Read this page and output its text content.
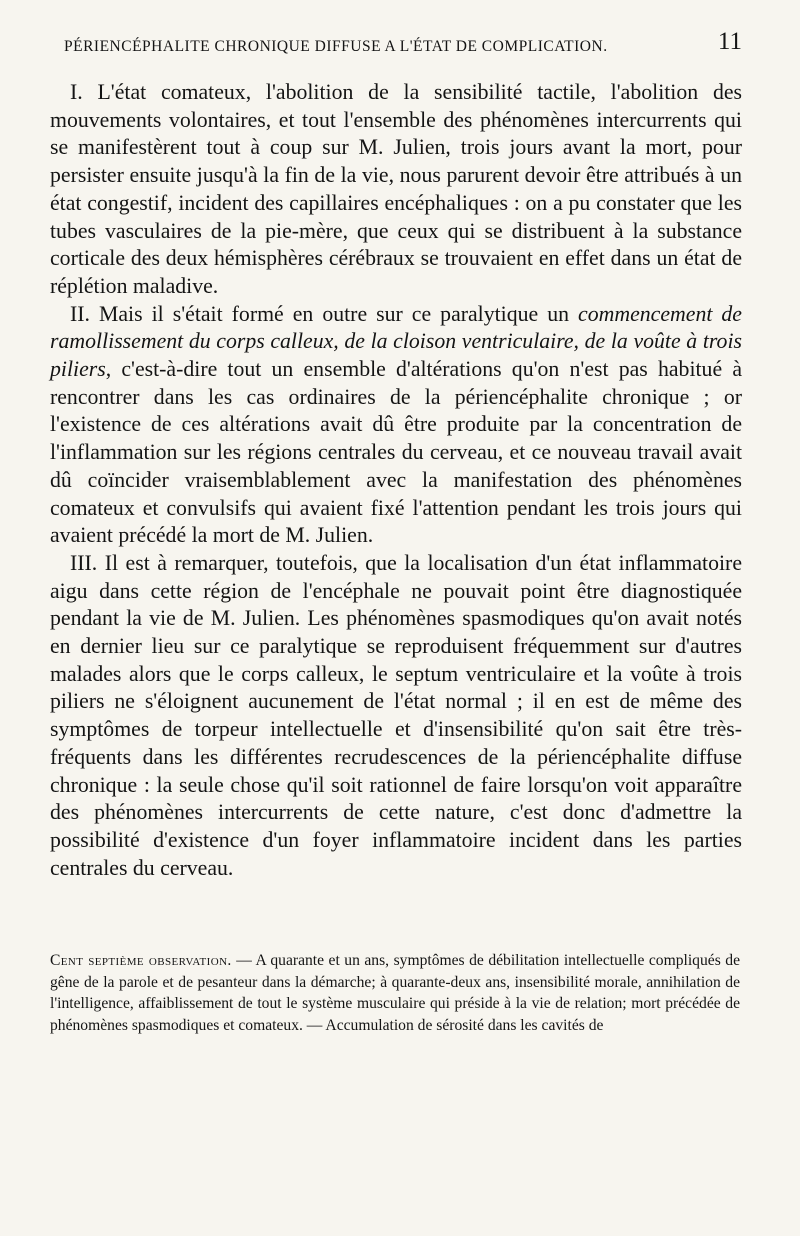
PÉRIENCÉPHALITE CHRONIQUE DIFFUSE A L'ÉTAT DE COMPLICATION.	11

I. L'état comateux, l'abolition de la sensibilité tactile, l'abolition des mouvements volontaires, et tout l'ensemble des phénomènes intercurrents qui se manifestèrent tout à coup sur M. Julien, trois jours avant la mort, pour persister ensuite jusqu'à la fin de la vie, nous parurent devoir être attribués à un état congestif, incident des capillaires encéphaliques : on a pu constater que les tubes vasculaires de la pie-mère, que ceux qui se distribuent à la substance corticale des deux hémisphères cérébraux se trouvaient en effet dans un état de réplétion maladive.

II. Mais il s'était formé en outre sur ce paralytique un commencement de ramollissement du corps calleux, de la cloison ventriculaire, de la voûte à trois piliers, c'est-à-dire tout un ensemble d'altérations qu'on n'est pas habitué à rencontrer dans les cas ordinaires de la périencéphalite chronique ; or l'existence de ces altérations avait dû être produite par la concentration de l'inflammation sur les régions centrales du cerveau, et ce nouveau travail avait dû coïncider vraisemblablement avec la manifestation des phénomènes comateux et convulsifs qui avaient fixé l'attention pendant les trois jours qui avaient précédé la mort de M. Julien.

III. Il est à remarquer, toutefois, que la localisation d'un état inflammatoire aigu dans cette région de l'encéphale ne pouvait point être diagnostiquée pendant la vie de M. Julien. Les phénomènes spasmodiques qu'on avait notés en dernier lieu sur ce paralytique se reproduisent fréquemment sur d'autres malades alors que le corps calleux, le septum ventriculaire et la voûte à trois piliers ne s'éloignent aucunement de l'état normal ; il en est de même des symptômes de torpeur intellectuelle et d'insensibilité qu'on sait être très-fréquents dans les différentes recrudescences de la périencéphalite diffuse chronique : la seule chose qu'il soit rationnel de faire lorsqu'on voit apparaître des phénomènes intercurrents de cette nature, c'est donc d'admettre la possibilité d'existence d'un foyer inflammatoire incident dans les parties centrales du cerveau.

Cent septième observation. — A quarante et un ans, symptômes de débilitation intellectuelle compliqués de gêne de la parole et de pesanteur dans la démarche; à quarante-deux ans, insensibilité morale, annihilation de l'intelligence, affaiblissement de tout le système musculaire qui préside à la vie de relation; mort précédée de phénomènes spasmodiques et comateux. — Accumulation de sérosité dans les cavités de
